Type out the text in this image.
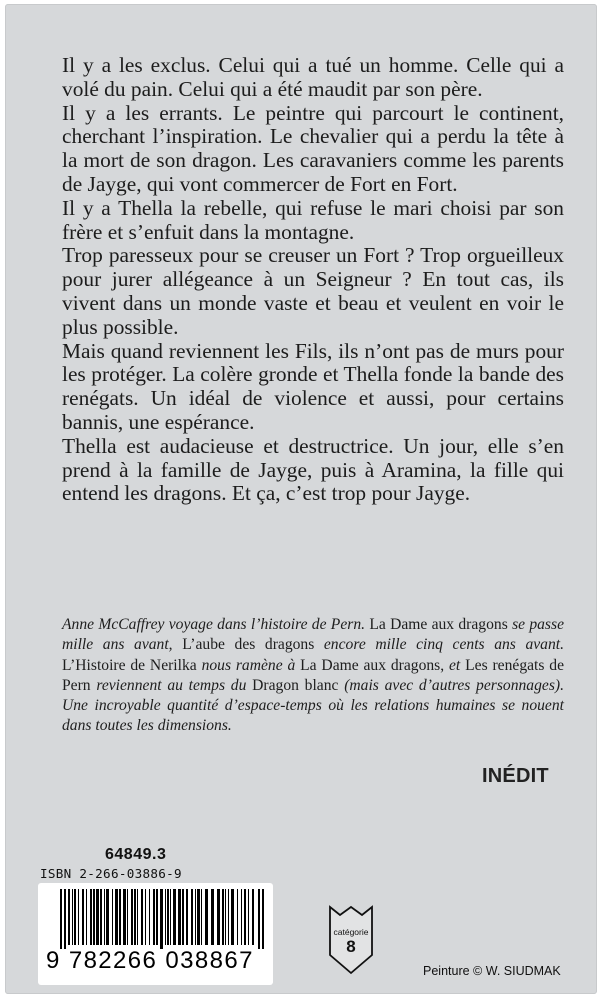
Il y a les exclus. Celui qui a tué un homme. Celle qui a volé du pain. Celui qui a été maudit par son père.

Il y a les errants. Le peintre qui parcourt le continent, cherchant l’inspiration. Le chevalier qui a perdu la tête à la mort de son dragon. Les caravaniers comme les parents de Jayge, qui vont commercer de Fort en Fort.

Il y a Thella la rebelle, qui refuse le mari choisi par son frère et s’enfuit dans la montagne.

Trop paresseux pour se creuser un Fort ? Trop orgueilleux pour jurer allégeance à un Seigneur ? En tout cas, ils vivent dans un monde vaste et beau et veulent en voir le plus possible.

Mais quand reviennent les Fils, ils n’ont pas de murs pour les protéger. La colère gronde et Thella fonde la bande des renégats. Un idéal de violence et aussi, pour certains bannis, une espérance.

Thella est audacieuse et destructrice. Un jour, elle s’en prend à la famille de Jayge, puis à Aramina, la fille qui entend les dragons. Et ça, c’est trop pour Jayge.

Anne McCaffrey voyage dans l’histoire de Pern. La Dame aux dragons se passe mille ans avant, L’aube des dragons encore mille cinq cents ans avant. L’Histoire de Nerilka nous ramène à La Dame aux dragons, et Les renégats de Pern reviennent au temps du Dragon blanc (mais avec d’autres personnages). Une incroyable quantité d’espace-temps où les relations humaines se nouent dans toutes les dimensions.
INÉDIT
64849.3
ISBN 2-266-03886-9
9 782266 038867
catégorie
8
Peinture © W. SIUDMAK
